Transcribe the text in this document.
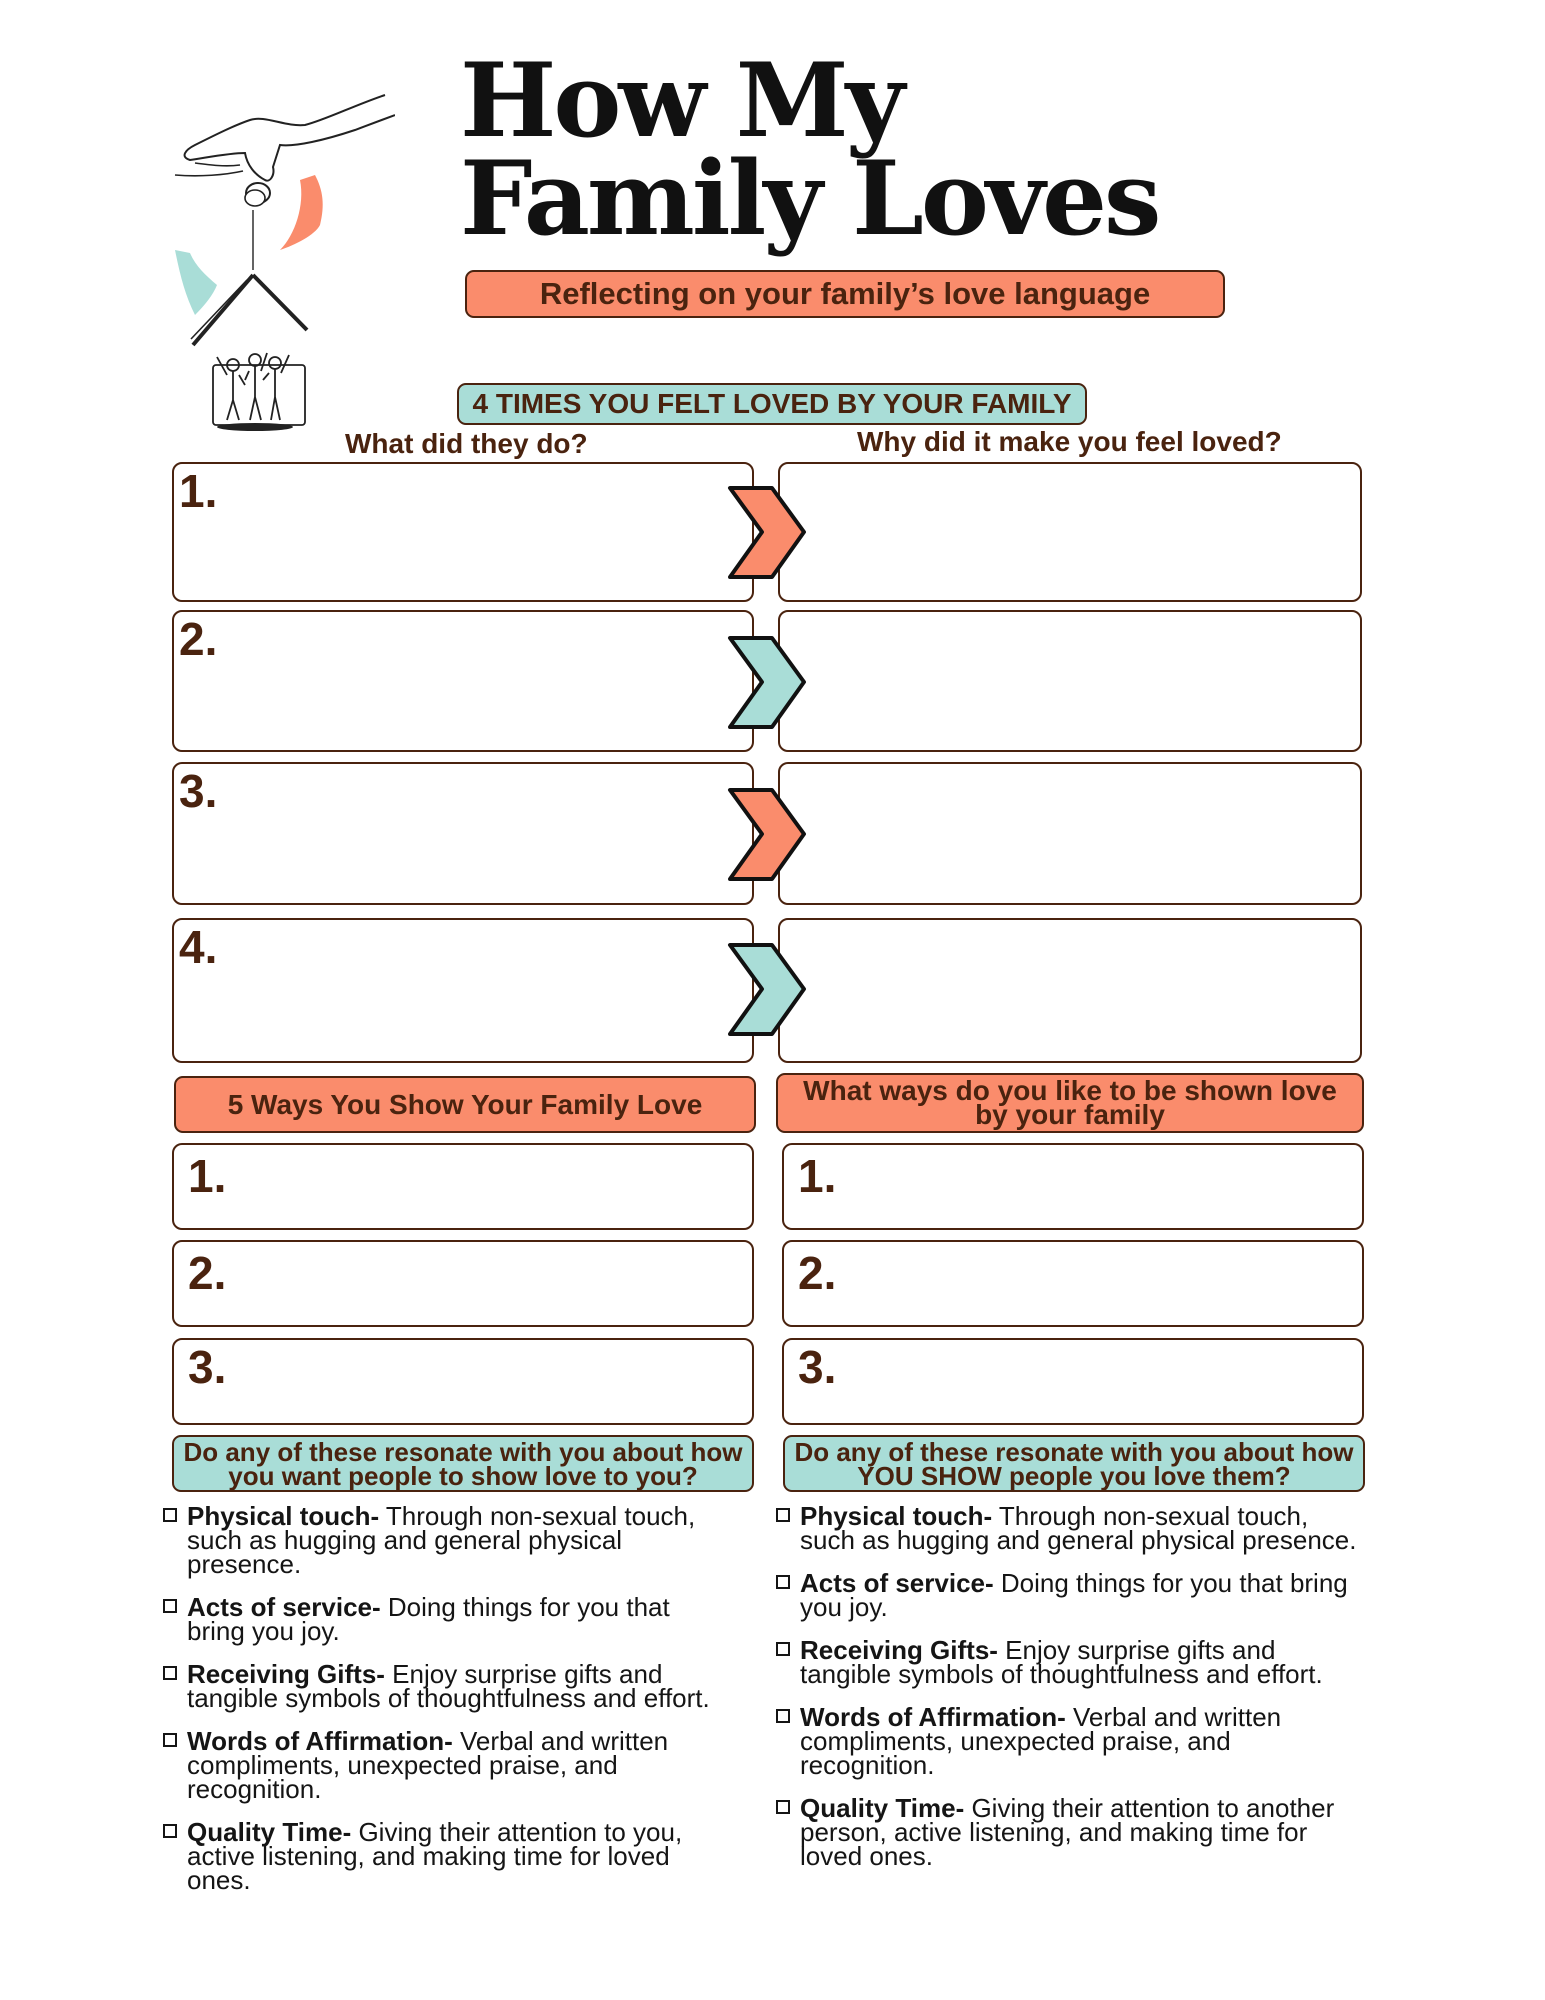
How My
Family Loves
Reflecting on your family’s love language
4 TIMES YOU FELT LOVED BY YOUR FAMILY
What did they do?	Why did it make you feel loved?
1.
2.
3.
4.
5 Ways You Show Your Family Love	What ways do you like to be shown love by your family
1.
2.
3.
1.
2.
3.
Do any of these resonate with you about how you want people to show love to you?
Do any of these resonate with you about how YOU SHOW people you love them?
Physical touch- Through non-sexual touch, such as hugging and general physical presence.
Acts of service- Doing things for you that bring you joy.
Receiving Gifts- Enjoy surprise gifts and tangible symbols of thoughtfulness and effort.
Words of Affirmation- Verbal and written compliments, unexpected praise, and recognition.
Quality Time- Giving their attention to you, active listening, and making time for loved ones.
Physical touch- Through non-sexual touch, such as hugging and general physical presence.
Acts of service- Doing things for you that bring you joy.
Receiving Gifts- Enjoy surprise gifts and tangible symbols of thoughtfulness and effort.
Words of Affirmation- Verbal and written compliments, unexpected praise, and recognition.
Quality Time- Giving their attention to another person, active listening, and making time for loved ones.
